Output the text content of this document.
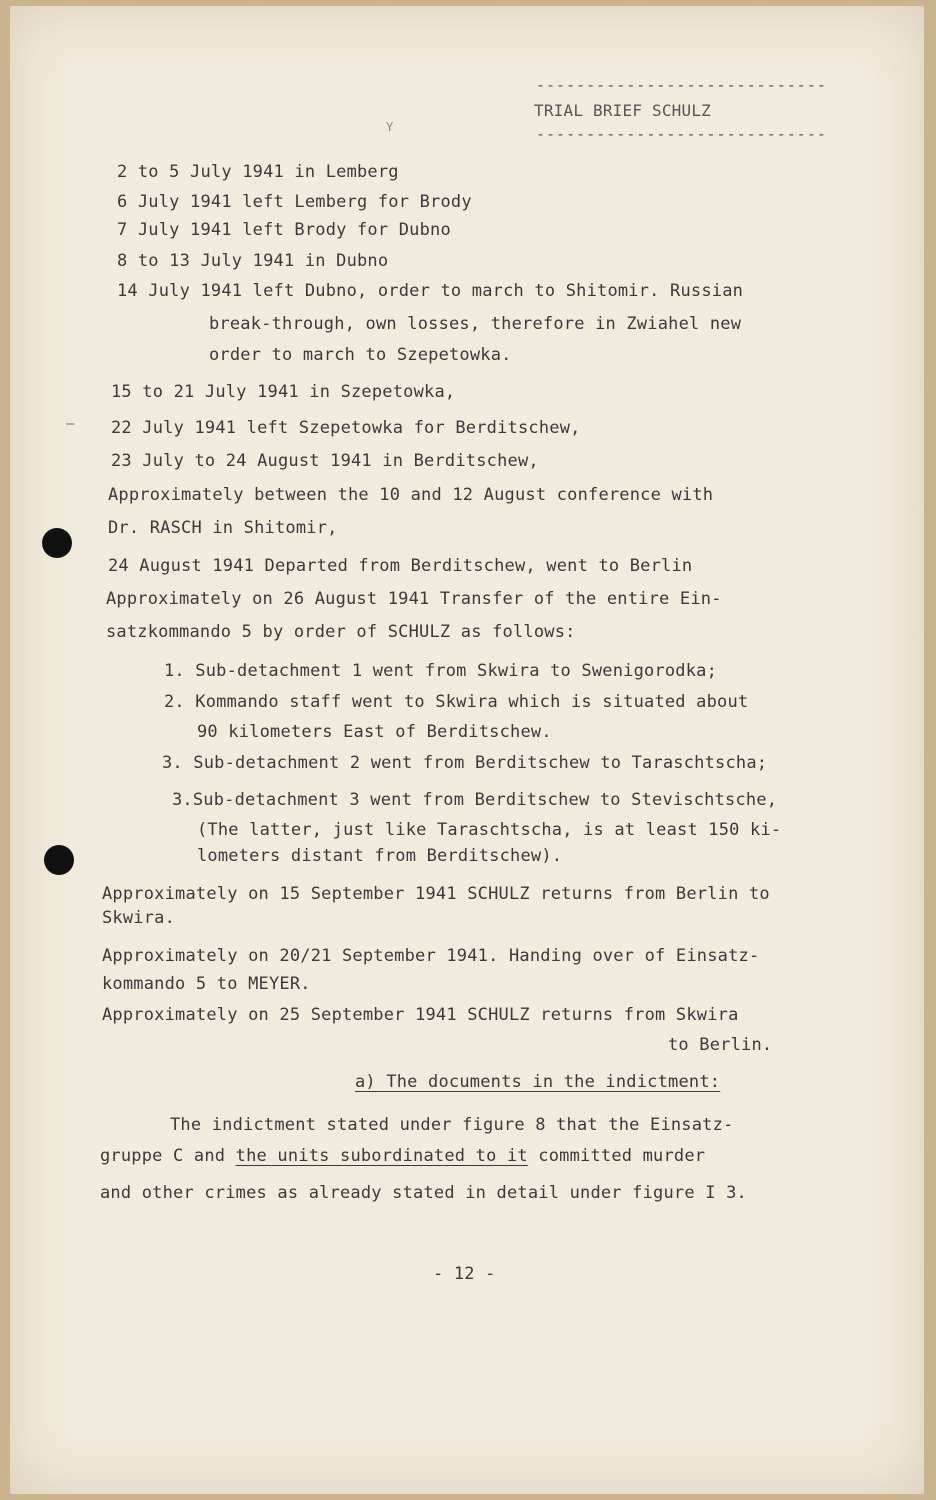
-----------------------------
TRIAL BRIEF SCHULZ
-----------------------------
Y
2 to 5 July 1941 in Lemberg
6 July 1941 left Lemberg for Brody
7 July 1941 left Brody for Dubno
8 to 13 July 1941 in Dubno
14 July 1941 left Dubno, order to march to Shitomir. Russian
break-through, own losses, therefore in Zwiahel new
order to march to Szepetowka.
15 to 21 July 1941 in Szepetowka,
– 22 July 1941 left Szepetowka for Berditschew,
23 July to 24 August 1941 in Berditschew,
Approximately between the 10 and 12 August conference with
Dr. RASCH in Shitomir,
24 August 1941 Departed from Berditschew, went to Berlin
Approximately on 26 August 1941 Transfer of the entire Ein-
satzkommando 5 by order of SCHULZ as follows:
1. Sub-detachment 1 went from Skwira to Swenigorodka;
2. Kommando staff went to Skwira which is situated about
90 kilometers East of Berditschew.
3. Sub-detachment 2 went from Berditschew to Taraschtscha;
3.Sub-detachment 3 went from Berditschew to Stevischtsche,
(The latter, just like Taraschtscha, is at least 150 ki-
lometers distant from Berditschew).
Approximately on 15 September 1941 SCHULZ returns from Berlin to
Skwira.
Approximately on 20/21 September 1941. Handing over of Einsatz-
kommando 5 to MEYER.
Approximately on 25 September 1941 SCHULZ returns from Skwira
to Berlin.
a) The documents in the indictment:
The indictment stated under figure 8 that the Einsatz-
gruppe C and the units subordinated to it committed murder
and other crimes as already stated in detail under figure I 3.
- 12 -
